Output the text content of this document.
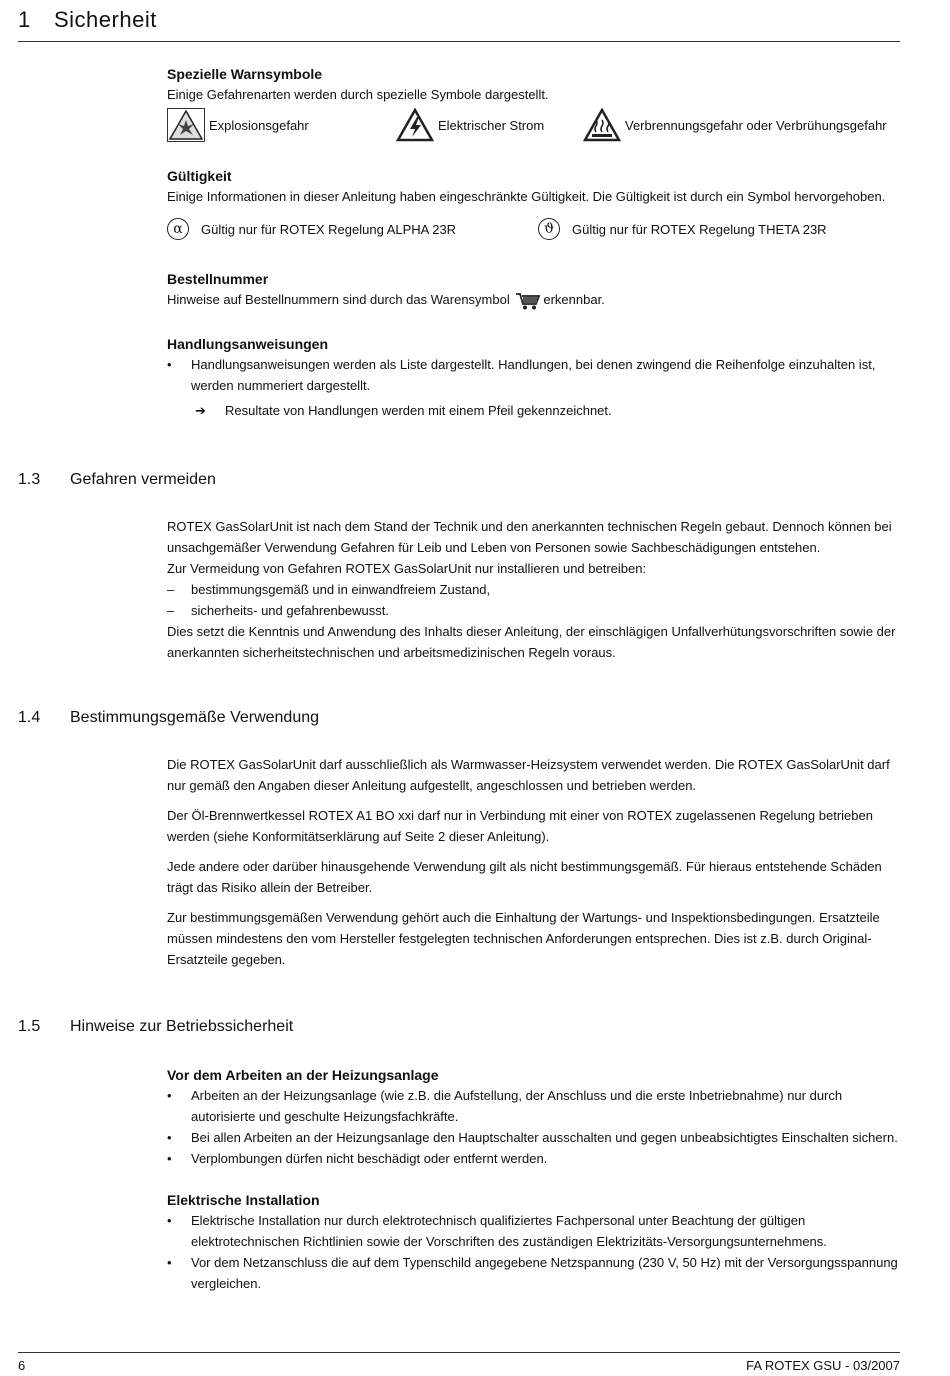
1 Sicherheit
Spezielle Warnsymbole

Einige Gefahrenarten werden durch spezielle Symbole dargestellt.

Explosionsgefahr	Elektrischer Strom	Verbrennungsgefahr oder Verbrühungsgefahr
Gültigkeit

Einige Informationen in dieser Anleitung haben eingeschränkte Gültigkeit. Die Gültigkeit ist durch ein Symbol hervorgehoben.

α	Gültig nur für ROTEX Regelung ALPHA 23R	ϑ	Gültig nur für ROTEX Regelung THETA 23R
Bestellnummer

Hinweise auf Bestellnummern sind durch das Warensymbol	erkennbar.

Handlungsanweisungen
•	Handlungsanweisungen werden als Liste dargestellt. Handlungen, bei denen zwingend die Reihenfolge einzuhalten ist, werden nummeriert dargestellt.
➔	Resultate von Handlungen werden mit einem Pfeil gekennzeichnet.
1.3 Gefahren vermeiden

ROTEX GasSolarUnit ist nach dem Stand der Technik und den anerkannten technischen Regeln gebaut. Dennoch können bei unsachgemäßer Verwendung Gefahren für Leib und Leben von Personen sowie Sachbeschädigungen entstehen.

Zur Vermeidung von Gefahren ROTEX GasSolarUnit nur installieren und betreiben:

–	bestimmungsgemäß und in einwandfreiem Zustand,
–	sicherheits- und gefahrenbewusst.

Dies setzt die Kenntnis und Anwendung des Inhalts dieser Anleitung, der einschlägigen Unfallverhütungsvorschriften sowie der anerkannten sicherheitstechnischen und arbeitsmedizinischen Regeln voraus.

1.4 Bestimmungsgemäße Verwendung

Die ROTEX GasSolarUnit darf ausschließlich als Warmwasser-Heizsystem verwendet werden. Die ROTEX GasSolarUnit darf nur gemäß den Angaben dieser Anleitung aufgestellt, angeschlossen und betrieben werden.

Der Öl-Brennwertkessel ROTEX A1 BO xxi darf nur in Verbindung mit einer von ROTEX zugelassenen Regelung betrieben werden (siehe Konformitätserklärung auf Seite 2 dieser Anleitung).

Jede andere oder darüber hinausgehende Verwendung gilt als nicht bestimmungsgemäß. Für hieraus entstehende Schäden trägt das Risiko allein der Betreiber.

Zur bestimmungsgemäßen Verwendung gehört auch die Einhaltung der Wartungs- und Inspektionsbedingungen. Ersatzteile müssen mindestens den vom Hersteller festgelegten technischen Anforderungen entsprechen. Dies ist z.B. durch Original-Ersatzteile gegeben.

1.5 Hinweise zur Betriebssicherheit
Vor dem Arbeiten an der Heizungsanlage
•	Arbeiten an der Heizungsanlage (wie z.B. die Aufstellung, der Anschluss und die erste Inbetriebnahme) nur durch autorisierte und geschulte Heizungsfachkräfte.
•	Bei allen Arbeiten an der Heizungsanlage den Hauptschalter ausschalten und gegen unbeabsichtigtes Einschalten sichern.
•	Verplombungen dürfen nicht beschädigt oder entfernt werden.
Elektrische Installation
•	Elektrische Installation nur durch elektrotechnisch qualifiziertes Fachpersonal unter Beachtung der gültigen elektrotechnischen Richtlinien sowie der Vorschriften des zuständigen Elektrizitäts-Versorgungsunternehmens.
•	Vor dem Netzanschluss die auf dem Typenschild angegebene Netzspannung (230 V, 50 Hz) mit der Versorgungsspannung vergleichen.
6	FA ROTEX GSU - 03/2007
